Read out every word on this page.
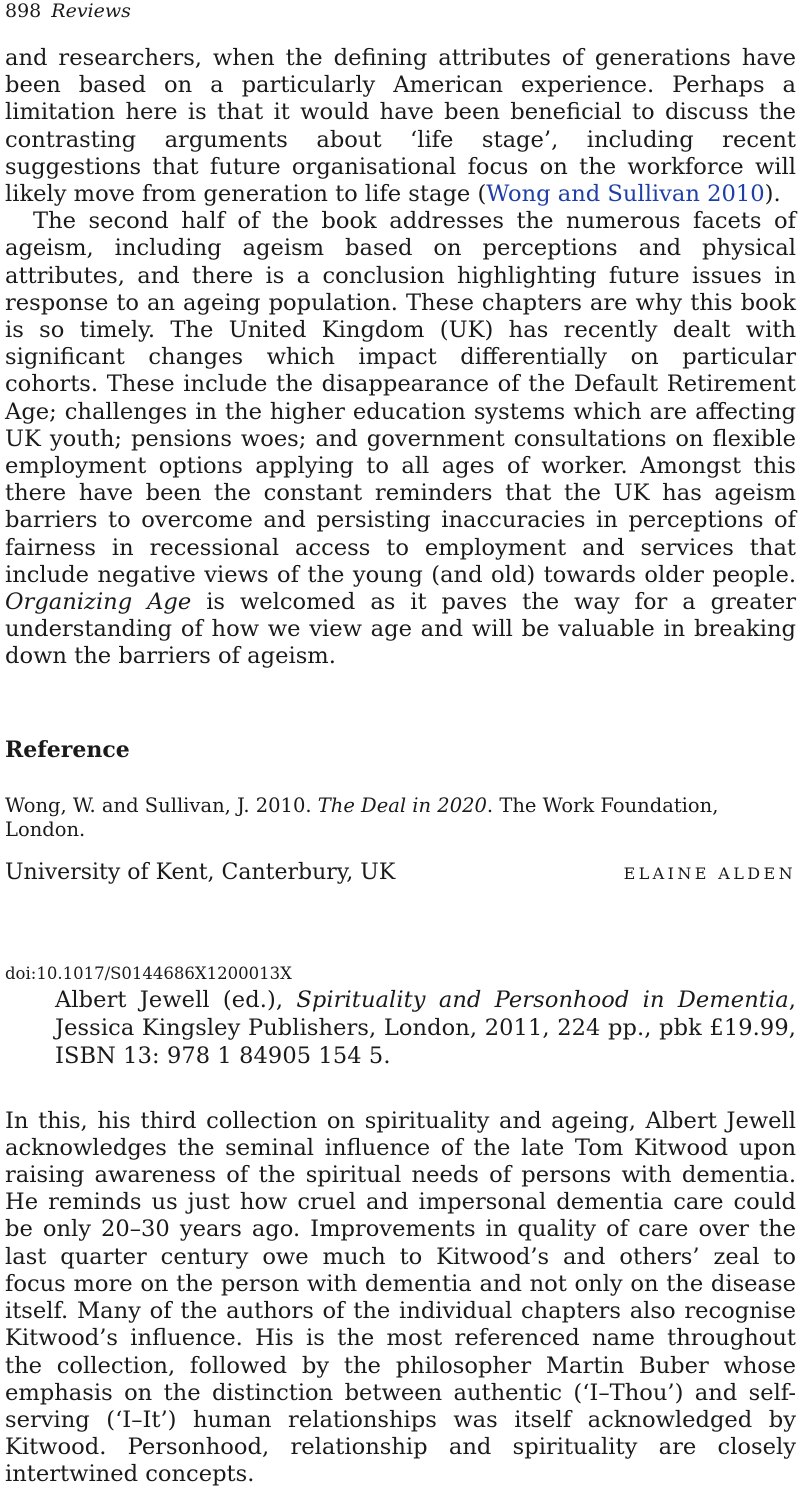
898 Reviews

and researchers, when the defining attributes of generations have been based on a particularly American experience. Perhaps a limitation here is that it would have been beneficial to discuss the contrasting arguments about ‘life stage’, including recent suggestions that future organisational focus on the workforce will likely move from generation to life stage (Wong and Sullivan 2010).

The second half of the book addresses the numerous facets of ageism, including ageism based on perceptions and physical attributes, and there is a conclusion highlighting future issues in response to an ageing population. These chapters are why this book is so timely. The United Kingdom (UK) has recently dealt with significant changes which impact differentially on particular cohorts. These include the disappearance of the Default Retirement Age; challenges in the higher education systems which are affecting UK youth; pensions woes; and government consultations on flexible employment options applying to all ages of worker. Amongst this there have been the constant reminders that the UK has ageism barriers to overcome and persisting inaccuracies in perceptions of fairness in recessional access to employment and services that include negative views of the young (and old) towards older people. Organizing Age is welcomed as it paves the way for a greater understanding of how we view age and will be valuable in breaking down the barriers of ageism.

Reference

Wong, W. and Sullivan, J. 2010. The Deal in 2020. The Work Foundation, London.

University of Kent, Canterbury, UK	ELAINE ALDEN

doi:10.1017/S0144686X1200013X

Albert Jewell (ed.), Spirituality and Personhood in Dementia, Jessica Kingsley Publishers, London, 2011, 224 pp., pbk £19.99, ISBN 13: 978 1 84905 154 5.

In this, his third collection on spirituality and ageing, Albert Jewell acknowledges the seminal influence of the late Tom Kitwood upon raising awareness of the spiritual needs of persons with dementia. He reminds us just how cruel and impersonal dementia care could be only 20–30 years ago. Improvements in quality of care over the last quarter century owe much to Kitwood’s and others’ zeal to focus more on the person with dementia and not only on the disease itself. Many of the authors of the individual chapters also recognise Kitwood’s influence. His is the most referenced name throughout the collection, followed by the philosopher Martin Buber whose emphasis on the distinction between authentic (‘I–Thou’) and self-serving (‘I–It’) human relationships was itself acknowledged by Kitwood. Personhood, relationship and spirituality are closely intertwined concepts.
